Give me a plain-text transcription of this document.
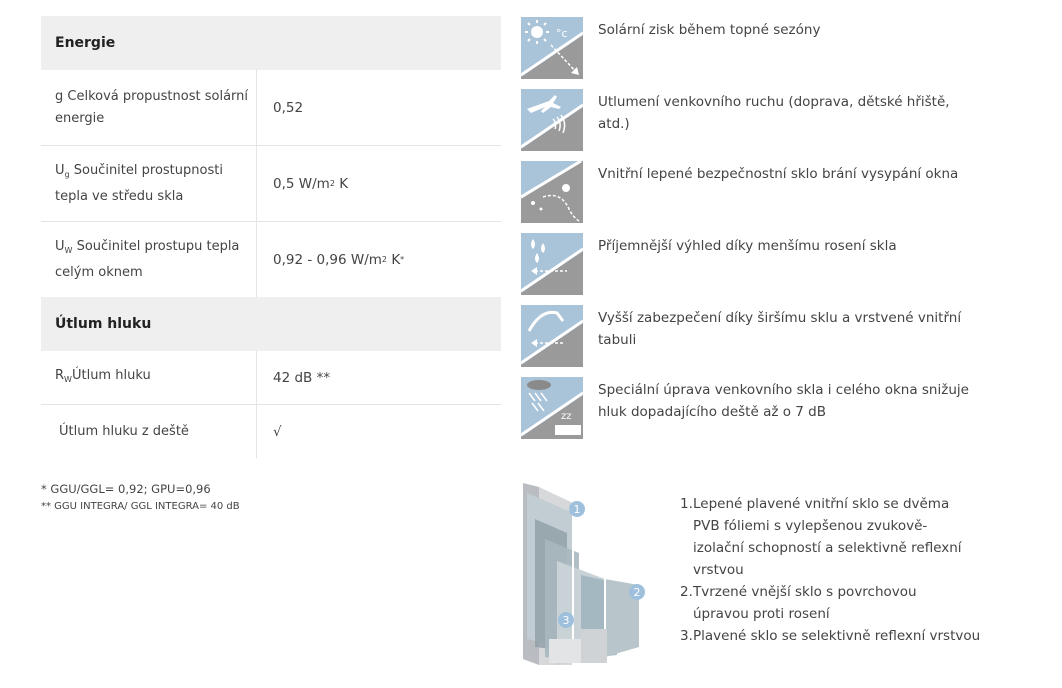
Energie
g Celková propustnost solární energie
0,52
$U_g$ Součinitel prostupnosti tepla ve středu skla
0,5 W/m 2
K
$U_W$ Součinitel prostupu tepla celým oknem
0,92 - 0,96 W/m 2
K *
Útlum hluku
$R_WÚtlum$ hluku	42 dB **
Útlum hluku z deště	√
* GGU/GGL= 0,92; GPU=0,96
** GGU INTEGRA/ GGL INTEGRA= 40 dB
°c Solární zisk během topné sezóny
Utlumení venkovního ruchu (doprava, dětské hřiště, atd.)
Vnitřní lepené bezpečnostní sklo brání vysypání okna
Příjemnější výhled díky menšímu rosení skla
Vyšší zabezpečení díky širšímu sklu a vrstvené vnitřní tabuli
zz
Speciální úprava venkovního skla i celého okna snižuje hluk dopadajícího deště až o 7 dB
1
2
3
1. Lepené plavené vnitřní sklo se dvěma PVB fóliemi s vylepšenou zvukově-izolační schopností a selektivně reflexní vrstvou
2. Tvrzené vnější sklo s povrchovou úpravou proti rosení
3. Plavené sklo se selektivně reflexní vrstvou
